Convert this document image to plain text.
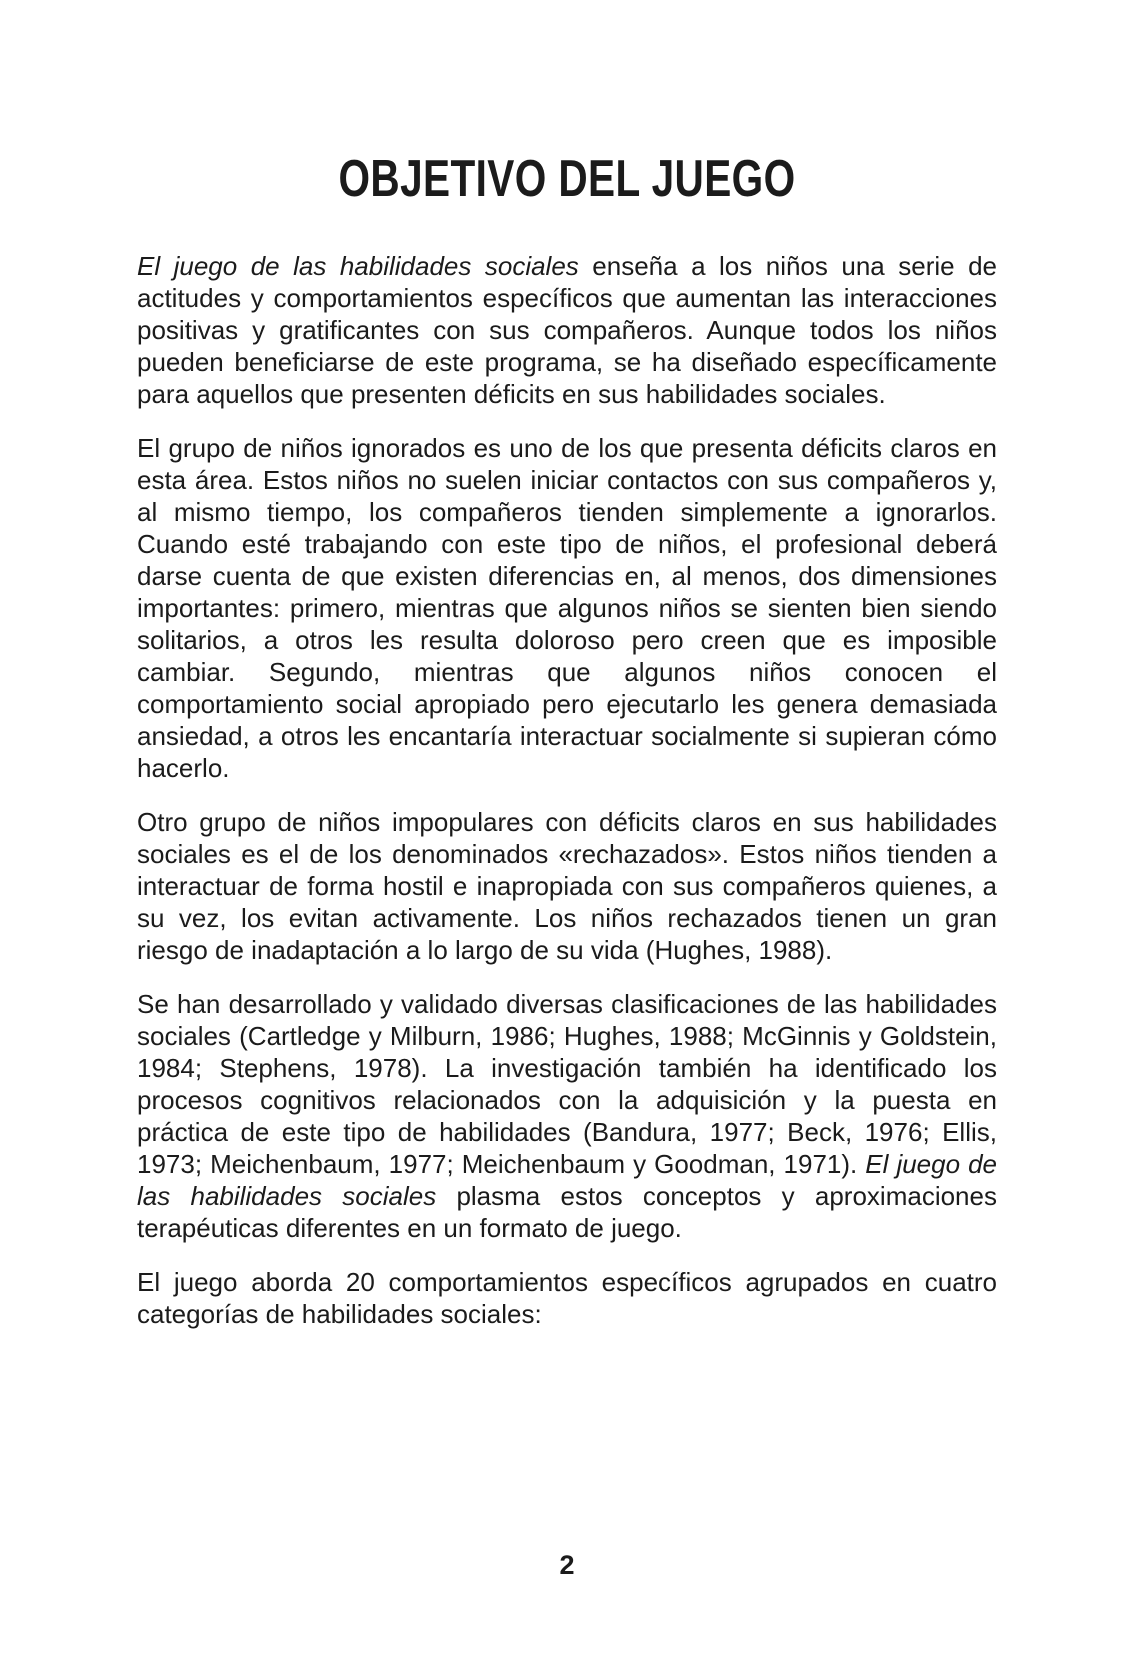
OBJETIVO DEL JUEGO

El juego de las habilidades sociales enseña a los niños una serie de actitudes y comportamientos específicos que aumentan las interacciones positivas y gratificantes con sus compañeros. Aunque todos los niños pueden beneficiarse de este programa, se ha diseñado específicamente para aquellos que presenten déficits en sus habilidades sociales.

El grupo de niños ignorados es uno de los que presenta déficits claros en esta área. Estos niños no suelen iniciar contactos con sus compañeros y, al mismo tiempo, los compañeros tienden simplemente a ignorarlos. Cuando esté trabajando con este tipo de niños, el profesional deberá darse cuenta de que existen diferencias en, al menos, dos dimensiones importantes: primero, mientras que algunos niños se sienten bien siendo solitarios, a otros les resulta doloroso pero creen que es imposible cambiar. Segundo, mientras que algunos niños conocen el comportamiento social apropiado pero ejecutarlo les genera demasiada ansiedad, a otros les encantaría interactuar socialmente si supieran cómo hacerlo.

Otro grupo de niños impopulares con déficits claros en sus habilidades sociales es el de los denominados «rechazados». Estos niños tienden a interactuar de forma hostil e inapropiada con sus compañeros quienes, a su vez, los evitan activamente. Los niños rechazados tienen un gran riesgo de inadaptación a lo largo de su vida (Hughes, 1988).

Se han desarrollado y validado diversas clasificaciones de las habilidades sociales (Cartledge y Milburn, 1986; Hughes, 1988; McGinnis y Goldstein, 1984; Stephens, 1978). La investigación también ha identificado los procesos cognitivos relacionados con la adquisición y la puesta en práctica de este tipo de habilidades (Bandura, 1977; Beck, 1976; Ellis, 1973; Meichenbaum, 1977; Meichenbaum y Goodman, 1971). El juego de las habilidades sociales plasma estos conceptos y aproximaciones terapéuticas diferentes en un formato de juego.

El juego aborda 20 comportamientos específicos agrupados en cuatro categorías de habilidades sociales:

2
